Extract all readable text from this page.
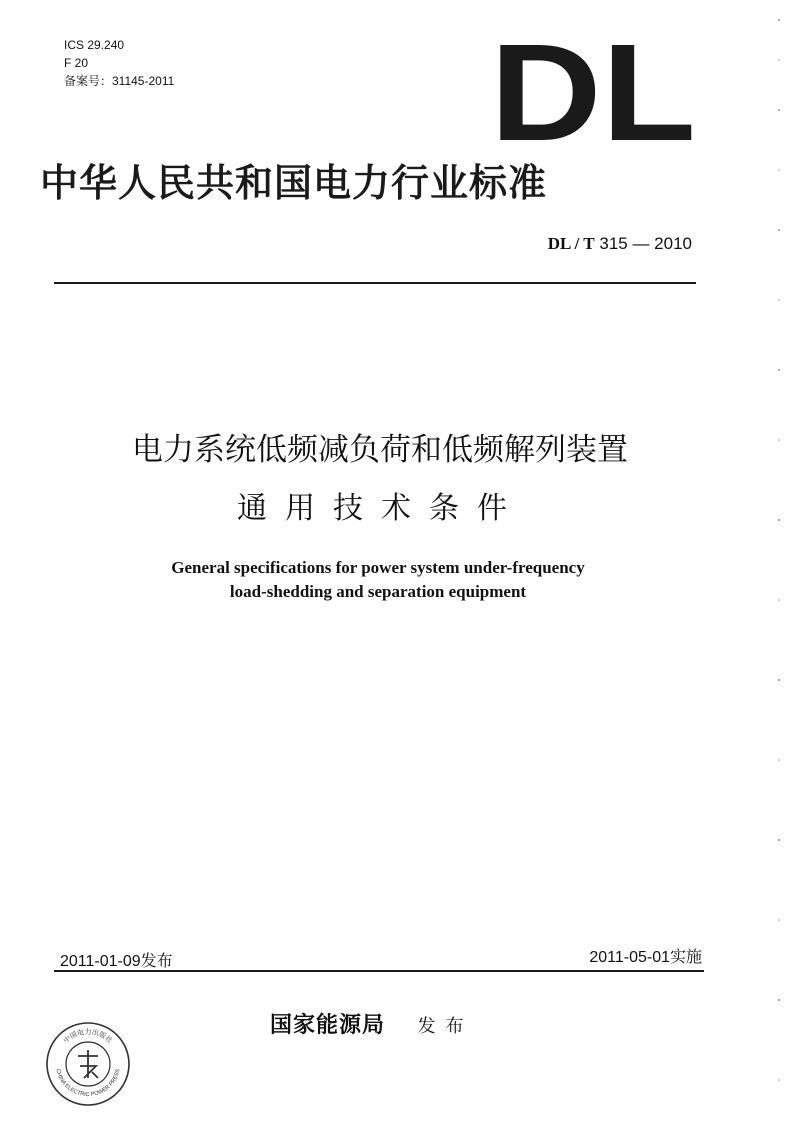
ICS 29.240
F 20
备案号：31145-2011 DL
中华人民共和国电力行业标准
DL / T 315 — 2010
电力系统低频减负荷和低频解列装置
通用技术条件
General specifications for power system under-frequency
load-shedding and separation equipment
2011-01-09发布	2011-05-01实施
国家能源局 发布
中国电力出版社
CHINA ELECTRIC POWER PRESS
